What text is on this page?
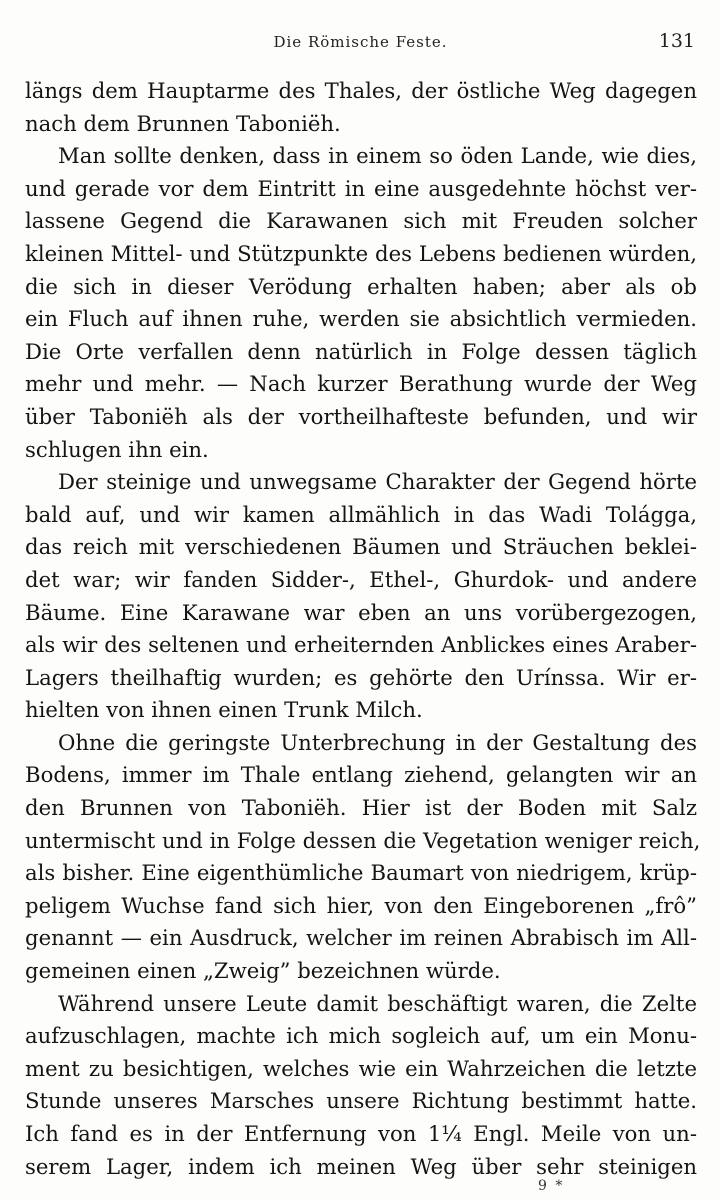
Die Römische Feste.	131
längs dem Hauptarme des Thales, der östliche Weg dagegen
nach dem Brunnen Taboniëh.
Man sollte denken, dass in einem so öden Lande, wie dies,
und gerade vor dem Eintritt in eine ausgedehnte höchst ver-
lassene Gegend die Karawanen sich mit Freuden solcher
kleinen Mittel- und Stützpunkte des Lebens bedienen würden,
die sich in dieser Verödung erhalten haben; aber als ob
ein Fluch auf ihnen ruhe, werden sie absichtlich vermieden.
Die Orte verfallen denn natürlich in Folge dessen täglich
mehr und mehr. — Nach kurzer Berathung wurde der Weg
über Taboniëh als der vortheilhafteste befunden, und wir
schlugen ihn ein.
Der steinige und unwegsame Charakter der Gegend hörte
bald auf, und wir kamen allmählich in das Wadi Tolágga,
das reich mit verschiedenen Bäumen und Sträuchen beklei-
det war; wir fanden Sidder-, Ethel-, Ghurdok- und andere
Bäume. Eine Karawane war eben an uns vorübergezogen,
als wir des seltenen und erheiternden Anblickes eines Araber-
Lagers theilhaftig wurden; es gehörte den Urínssa. Wir er-
hielten von ihnen einen Trunk Milch.
Ohne die geringste Unterbrechung in der Gestaltung des
Bodens, immer im Thale entlang ziehend, gelangten wir an
den Brunnen von Taboniëh. Hier ist der Boden mit Salz
untermischt und in Folge dessen die Vegetation weniger reich,
als bisher. Eine eigenthümliche Baumart von niedrigem, krüp-
peligem Wuchse fand sich hier, von den Eingeborenen „frô”
genannt — ein Ausdruck, welcher im reinen Abrabisch im All-
gemeinen einen „Zweig” bezeichnen würde.
Während unsere Leute damit beschäftigt waren, die Zelte
aufzuschlagen, machte ich mich sogleich auf, um ein Monu-
ment zu besichtigen, welches wie ein Wahrzeichen die letzte
Stunde unseres Marsches unsere Richtung bestimmt hatte.
Ich fand es in der Entfernung von 1¼ Engl. Meile von un-
serem Lager, indem ich meinen Weg über sehr steinigen
9 *
